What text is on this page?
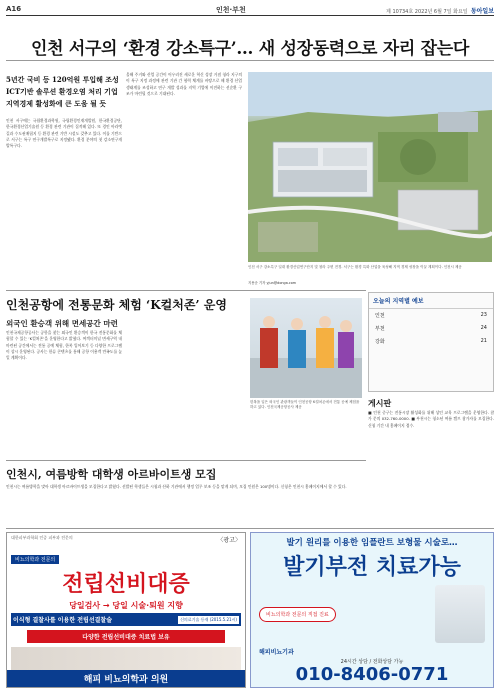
A16	인천·부천	제 10734호 2022년 6월 7일 화요일 동아일보
인천 서구의 ‘환경 강소특구’… 새 성장동력으로 자리 잡는다
5년간 국비 등 120억원 투입해 조성 ICT기반 솔루션 환경오염 처리 기업 지역경제 활성화에 큰 도움 될 듯
인천 서구에는 국립환경과학원, 국립환경인재개발원, 한국환경공단, 한국환경산업기술원 등 환경 관련 기관이 집적해 있다. 또 경인 아라뱃길과 수도권매립지 등 환경 관련 기반 시설도 갖추고 있다. 이를 기반으로 서구는 특구 연구개발특구로 지정됐다. 환경 분야의 첫 강소연구개발특구다.
올해 주거와 산업 공간이 어우러진 새로운 혁신 성장 거점 청라 지구의 이 특구 지정 과정에 관련 기관 간 협력 체계를 바탕으로 해 환경 산업 생태계를 조성하고 연구 개발 성과를 지역 기업에 이전하는 선순환 구조가 마련될 것으로 기대된다.
인천 서구 강소특구 일대 환경산업연구단지 및 청라 주변 전경. 서구는 환경 특화 산업을 육성해 지역 경제 성장을 이끌 계획이다. 인천시 제공
지용준 기자 yjun@donga.com
인천공항에 전통문화 체험 ‘K컬처존’ 운영
외국인 환승객 위해 면세공간 마련
인천국제공항공사는 공항을 찾는 외국인 환승객이 한국 전통문화를 체험할 수 있는 ‘K컬처존’을 운영한다고 밝혔다. 여객터미널 면세구역 내 마련된 공간에서는 전통 공예 체험, 한복 입어보기 등 다양한 프로그램이 상시 운영된다. 공사는 한류 콘텐츠를 통해 공항 이용객 만족도를 높일 계획이다.
한복을 입은 외국인 관광객들이 인천공항 K컬처존에서 전통 공예 체험을 하고 있다. 인천국제공항공사 제공
오늘의 지역별 예보
인천	23
부천	24
강화	21
게시판
■ 인천 중구는 전통시장 활성화를 위해 상인 교육 프로그램을 운영한다. 참가 문의 032-760-0000. ■ 부천시는 청소년 여름 캠프 참가자를 모집한다. 신청 기간 내 홈페이지 접수.
인천시, 여름방학 대학생 아르바이트생 모집
인천시는 여름방학을 맞아 대학생 아르바이트생을 모집한다고 밝혔다. 선발된 학생들은 시청과 산하 기관에서 행정 업무 보조 등을 맡게 되며, 모집 인원은 100명이다. 신청은 인천시 홈페이지에서 할 수 있다.
대한피부과학회 인증 피부과 전문의	〈광고〉
비뇨의학과 전문의
전립선비대증
당일검사 → 당일 시술·퇴원 지향
이식형 결찰사를 이용한 전립선결찰술	신의료기술 등재 (2015.5.21시)
다양한 전립선비대증 치료법 보유
해피 비뇨의학과 의원
발기 원리를 이용한 임플란트 보형물 시술로…
발기부전 치료가능
비뇨의학과 전문의 직접 진료
해피비뇨기과
24시간 상담 / 전화상담 가능
010-8406-0771
